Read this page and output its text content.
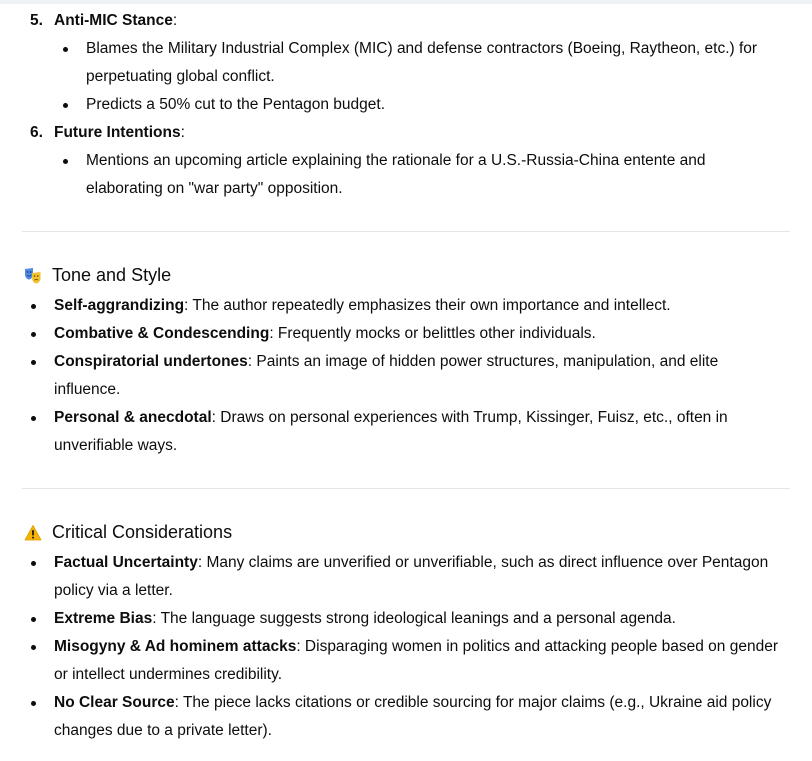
5. Anti-MIC Stance:
Blames the Military Industrial Complex (MIC) and defense contractors (Boeing, Raytheon, etc.) for perpetuating global conflict.
Predicts a 50% cut to the Pentagon budget.
6. Future Intentions:
Mentions an upcoming article explaining the rationale for a U.S.-Russia-China entente and elaborating on "war party" opposition.
Tone and Style
Self-aggrandizing: The author repeatedly emphasizes their own importance and intellect.
Combative & Condescending: Frequently mocks or belittles other individuals.
Conspiratorial undertones: Paints an image of hidden power structures, manipulation, and elite influence.
Personal & anecdotal: Draws on personal experiences with Trump, Kissinger, Fuisz, etc., often in unverifiable ways.
Critical Considerations
Factual Uncertainty: Many claims are unverified or unverifiable, such as direct influence over Pentagon policy via a letter.
Extreme Bias: The language suggests strong ideological leanings and a personal agenda.
Misogyny & Ad hominem attacks: Disparaging women in politics and attacking people based on gender or intellect undermines credibility.
No Clear Source: The piece lacks citations or credible sourcing for major claims (e.g., Ukraine aid policy changes due to a private letter).
